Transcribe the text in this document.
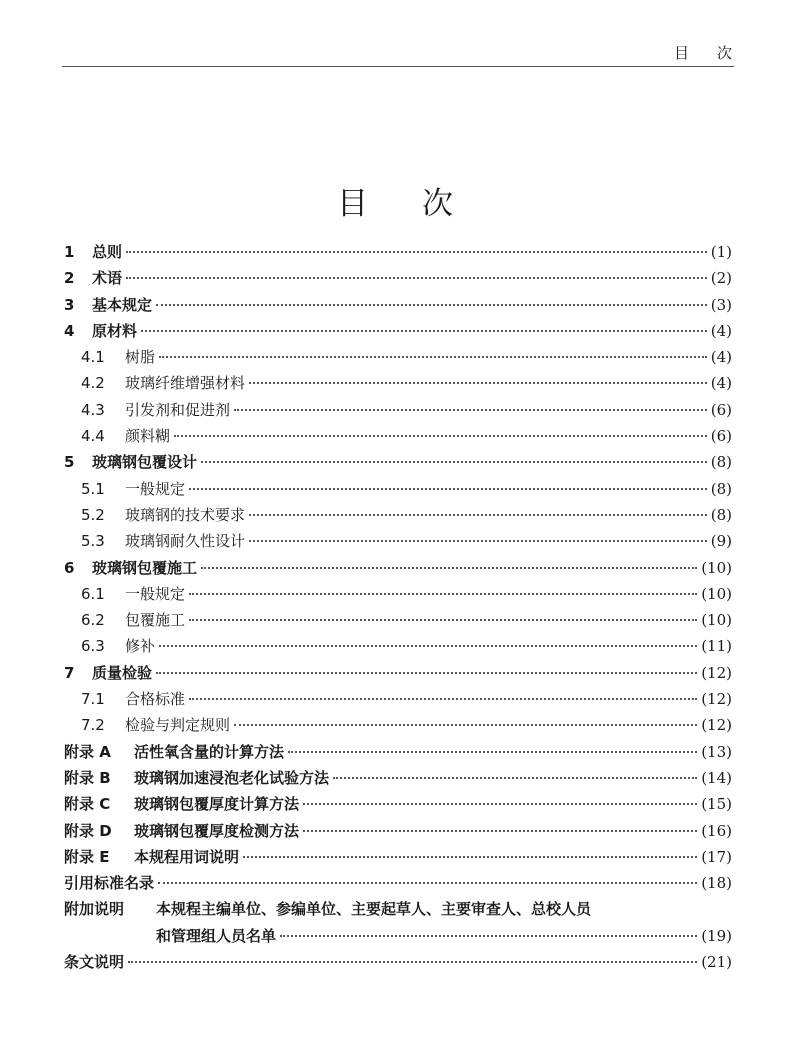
目 次
目 次
1	总则	(1)
2	术语	(2)
3	基本规定	(3)
4	原材料	(4)
4.1	树脂	(4)
4.2	玻璃纤维增强材料	(4)
4.3	引发剂和促进剂	(6)
4.4	颜料糊	(6)
5	玻璃钢包覆设计	(8)
5.1	一般规定	(8)
5.2	玻璃钢的技术要求	(8)
5.3	玻璃钢耐久性设计	(9)
6	玻璃钢包覆施工	(10)
6.1	一般规定	(10)
6.2	包覆施工	(10)
6.3	修补	(11)
7	质量检验	(12)
7.1	合格标准	(12)
7.2	检验与判定规则	(12)
附录 A	活性氧含量的计算方法	(13)
附录 B	玻璃钢加速浸泡老化试验方法	(14)
附录 C	玻璃钢包覆厚度计算方法	(15)
附录 D	玻璃钢包覆厚度检测方法	(16)
附录 E	本规程用词说明	(17)
引用标准名录	(18)
附加说明	本规程主编单位、参编单位、主要起草人、主要审查人、总校人员
和管理组人员名单	(19)
条文说明	(21)
